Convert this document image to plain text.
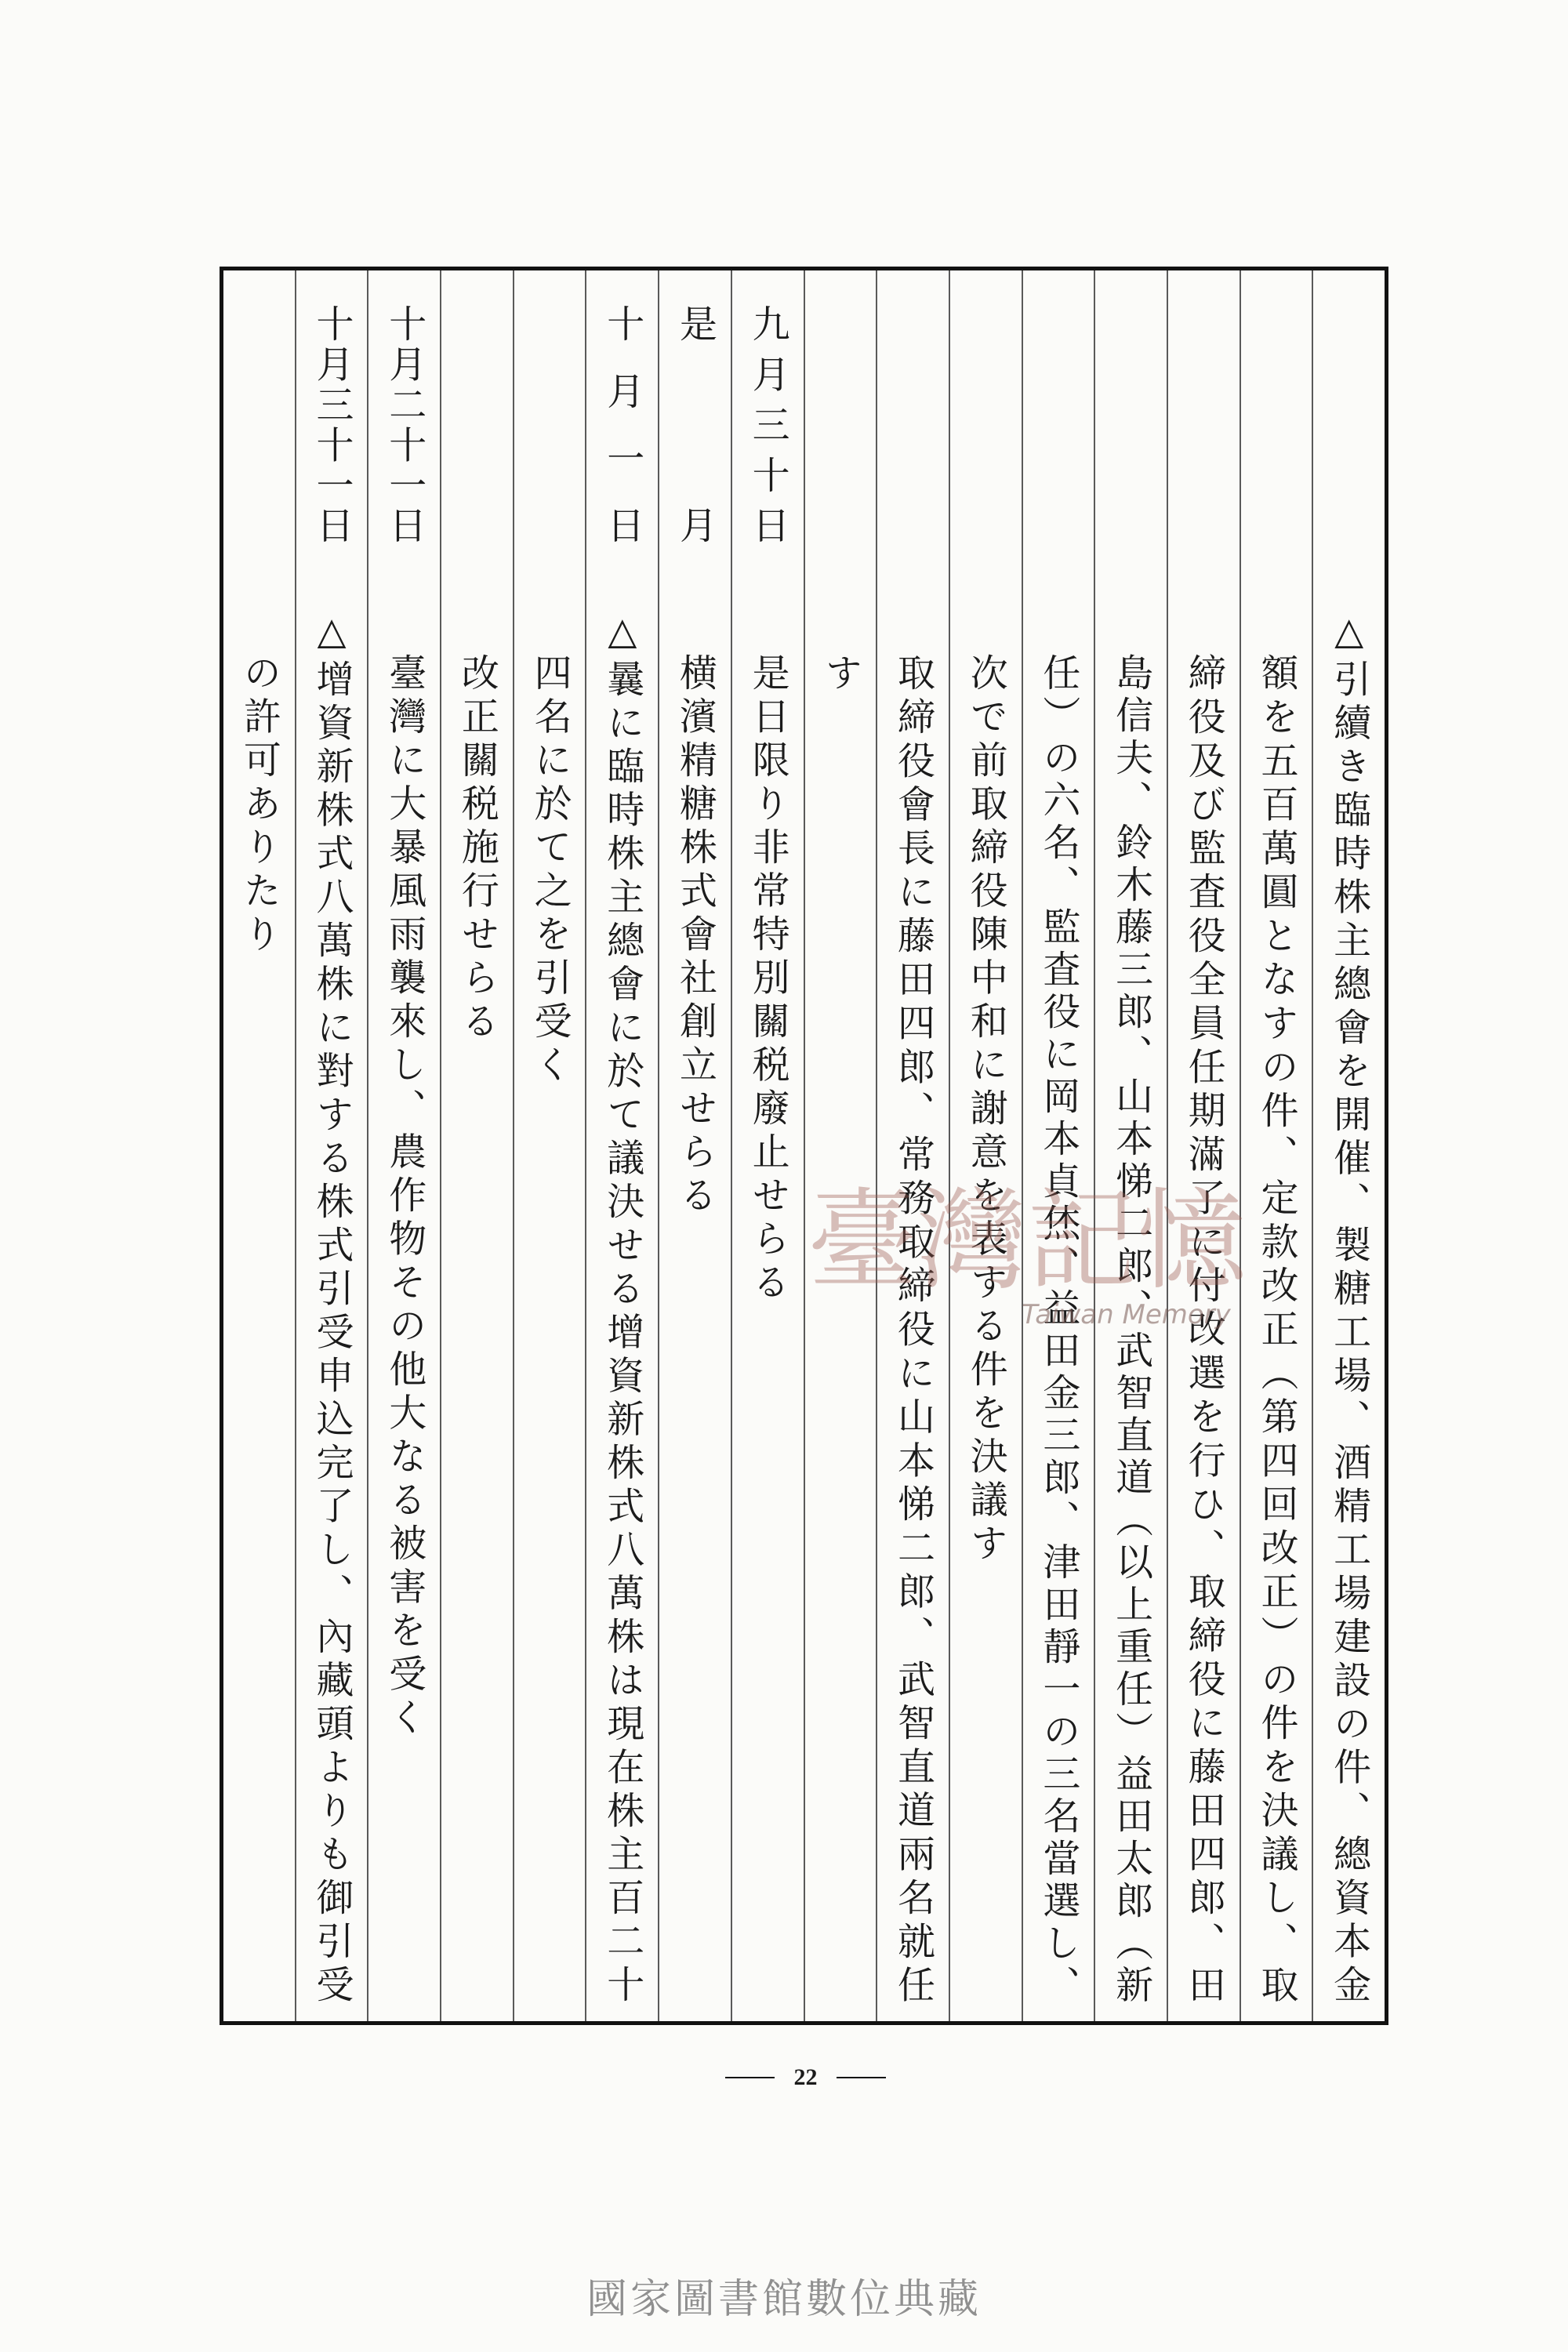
△引續き臨時株主總會を開催、製糖工場、酒精工場建設の件、總資本金
額を五百萬圓となすの件、定款改正（第四回改正）の件を決議し、取
締役及び監査役全員任期滿了に付改選を行ひ、取締役に藤田四郎、田
島信夫、鈴木藤三郎、山本悌二郎、武智直道（以上重任）益田太郎（新
任）の六名、監査役に岡本貞烋、益田金三郎、津田靜一の三名當選し、
次で前取締役陳中和に謝意を表する件を決議す
取締役會長に藤田四郎、常務取締役に山本悌二郎、武智直道兩名就任
す
九月三十日
是日限り非常特別關税廢止せらる
是月
横濱精糖株式會社創立せらる
十月一日
△曩に臨時株主總會に於て議決せる增資新株式八萬株は現在株主百二十
四名に於て之を引受く
改正關税施行せらる
十月二十一日
臺灣に大暴風雨襲來し、農作物その他大なる被害を受く
十月三十一日
△增資新株式八萬株に對する株式引受申込完了し、內藏頭よりも御引受
の許可ありたり
臺灣記憶
Taiwan Memory
22
國家圖書館數位典藏
